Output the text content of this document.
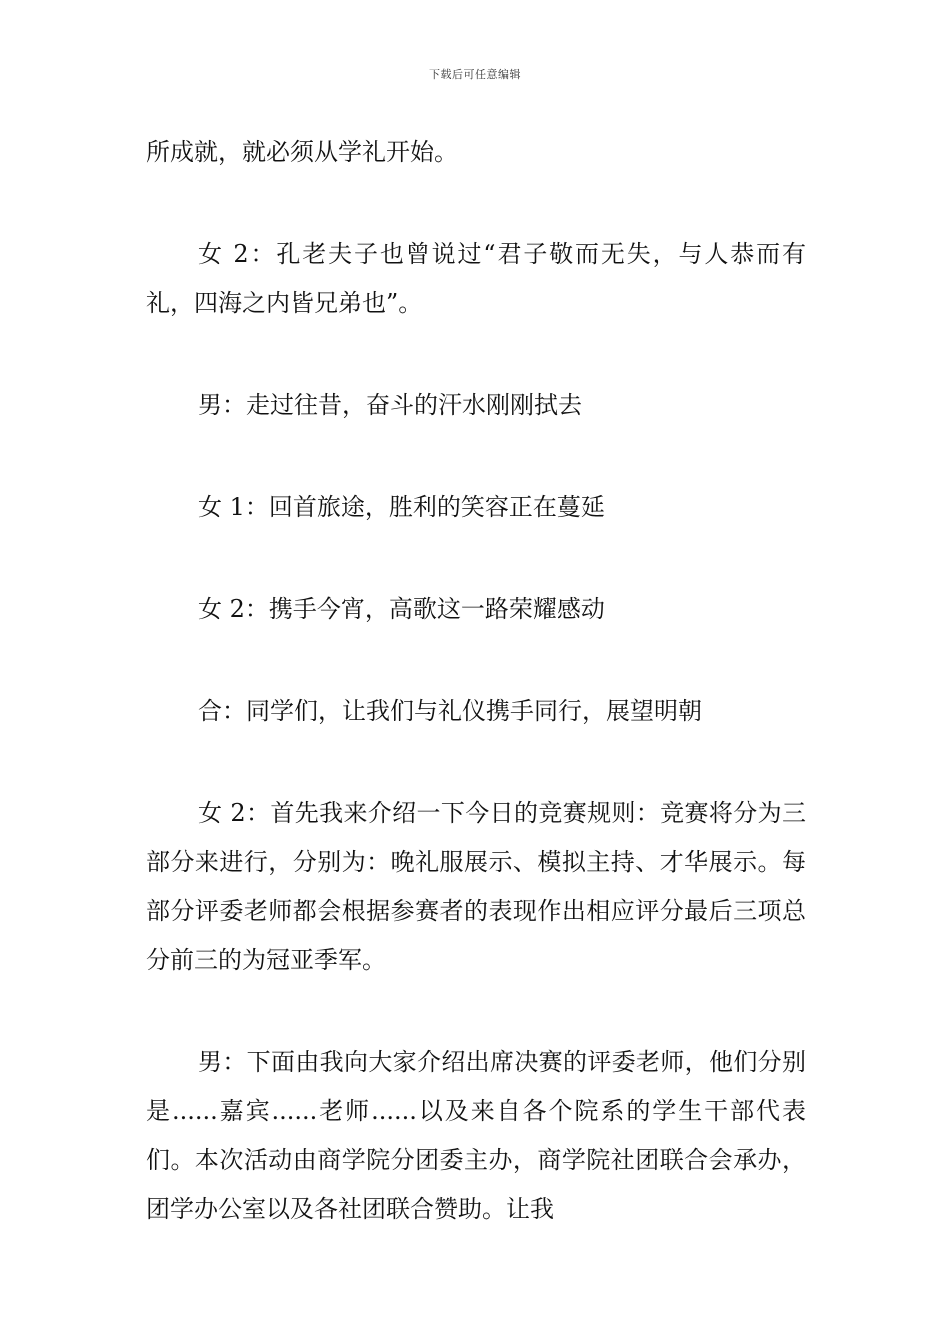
下载后可任意编辑

所成就，就必须从学礼开始。

女 2：孔老夫子也曾说过“君子敬而无失，与人恭而有礼，四海之内皆兄弟也”。

男：走过往昔，奋斗的汗水刚刚拭去

女 1：回首旅途，胜利的笑容正在蔓延

女 2：携手今宵，高歌这一路荣耀感动

合：同学们，让我们与礼仪携手同行，展望明朝

女 2：首先我来介绍一下今日的竞赛规则：竞赛将分为三部分来进行，分别为：晚礼服展示、模拟主持、才华展示。每部分评委老师都会根据参赛者的表现作出相应评分最后三项总分前三的为冠亚季军。

男：下面由我向大家介绍出席决赛的评委老师，他们分别是......嘉宾......老师......以及来自各个院系的学生干部代表们。本次活动由商学院分团委主办，商学院社团联合会承办，团学办公室以及各社团联合赞助。让我
